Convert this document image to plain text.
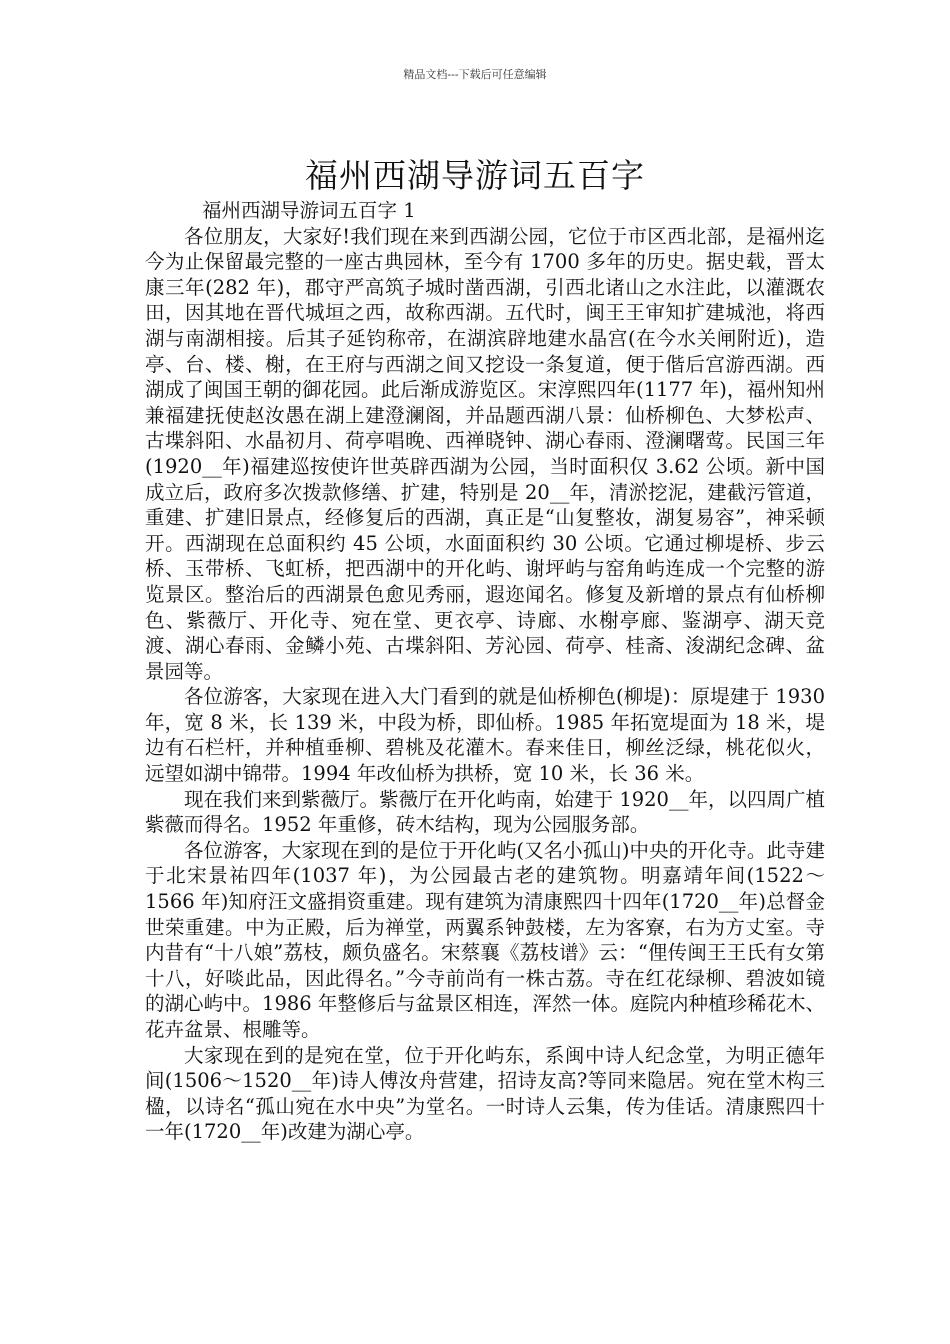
精品文档---下载后可任意编辑
福州西湖导游词五百字

福州西湖导游词五百字 1

各位朋友，大家好!我们现在来到西湖公园，它位于市区西北部，是福州迄今为止保留最完整的一座古典园林，至今有 1700 多年的历史。据史载，晋太康三年(282 年)，郡守严高筑子城时凿西湖，引西北诸山之水注此，以灌溉农田，因其地在晋代城垣之西，故称西湖。五代时，闽王王审知扩建城池，将西湖与南湖相接。后其子延钧称帝，在湖滨辟地建水晶宫(在今水关闸附近)，造亭、台、楼、榭，在王府与西湖之间又挖设一条复道，便于偕后宫游西湖。西湖成了闽国王朝的御花园。此后渐成游览区。宋淳熙四年(1177 年)，福州知州兼福建抚使赵汝愚在湖上建澄澜阁，并品题西湖八景：仙桥柳色、大梦松声、古堞斜阳、水晶初月、荷亭唱晚、西禅晓钟、湖心春雨、澄澜曙莺。民国三年(1920__年)福建巡按使许世英辟西湖为公园，当时面积仅 3.62 公顷。新中国成立后，政府多次拨款修缮、扩建，特别是 20__年，清淤挖泥，建截污管道，重建、扩建旧景点，经修复后的西湖，真正是“山复整妆，湖复易容”，神采顿开。西湖现在总面积约 45 公顷，水面面积约 30 公顷。它通过柳堤桥、步云桥、玉带桥、飞虹桥，把西湖中的开化屿、谢坪屿与窑角屿连成一个完整的游览景区。整治后的西湖景色愈见秀丽，遐迩闻名。修复及新增的景点有仙桥柳色、紫薇厅、开化寺、宛在堂、更衣亭、诗廊、水榭亭廊、鉴湖亭、湖天竞渡、湖心春雨、金鳞小苑、古堞斜阳、芳沁园、荷亭、桂斋、浚湖纪念碑、盆景园等。

各位游客，大家现在进入大门看到的就是仙桥柳色(柳堤)：原堤建于 1930 年，宽 8 米，长 139 米，中段为桥，即仙桥。1985 年拓宽堤面为 18 米，堤边有石栏杆，并种植垂柳、碧桃及花灌木。春来佳日，柳丝泛绿，桃花似火，远望如湖中锦带。1994 年改仙桥为拱桥，宽 10 米，长 36 米。

现在我们来到紫薇厅。紫薇厅在开化屿南，始建于 1920__年，以四周广植紫薇而得名。1952 年重修，砖木结构，现为公园服务部。

各位游客，大家现在到的是位于开化屿(又名小孤山)中央的开化寺。此寺建于北宋景祐四年(1037 年)，为公园最古老的建筑物。明嘉靖年间(1522～1566 年)知府汪文盛捐资重建。现有建筑为清康熙四十四年(1720__年)总督金世荣重建。中为正殿，后为禅堂，两翼系钟鼓楼，左为客寮，右为方丈室。寺内昔有“十八娘”荔枝，颇负盛名。宋蔡襄《荔枝谱》云：“俚传闽王王氏有女第十八，好啖此品，因此得名。”今寺前尚有一株古荔。寺在红花绿柳、碧波如镜的湖心屿中。1986 年整修后与盆景区相连，浑然一体。庭院内种植珍稀花木、花卉盆景、根雕等。

大家现在到的是宛在堂，位于开化屿东，系闽中诗人纪念堂，为明正德年间(1506～1520__年)诗人傅汝舟营建，招诗友高?等同来隐居。宛在堂木构三楹，以诗名“孤山宛在水中央”为堂名。一时诗人云集，传为佳话。清康熙四十一年(1720__年)改建为湖心亭。
